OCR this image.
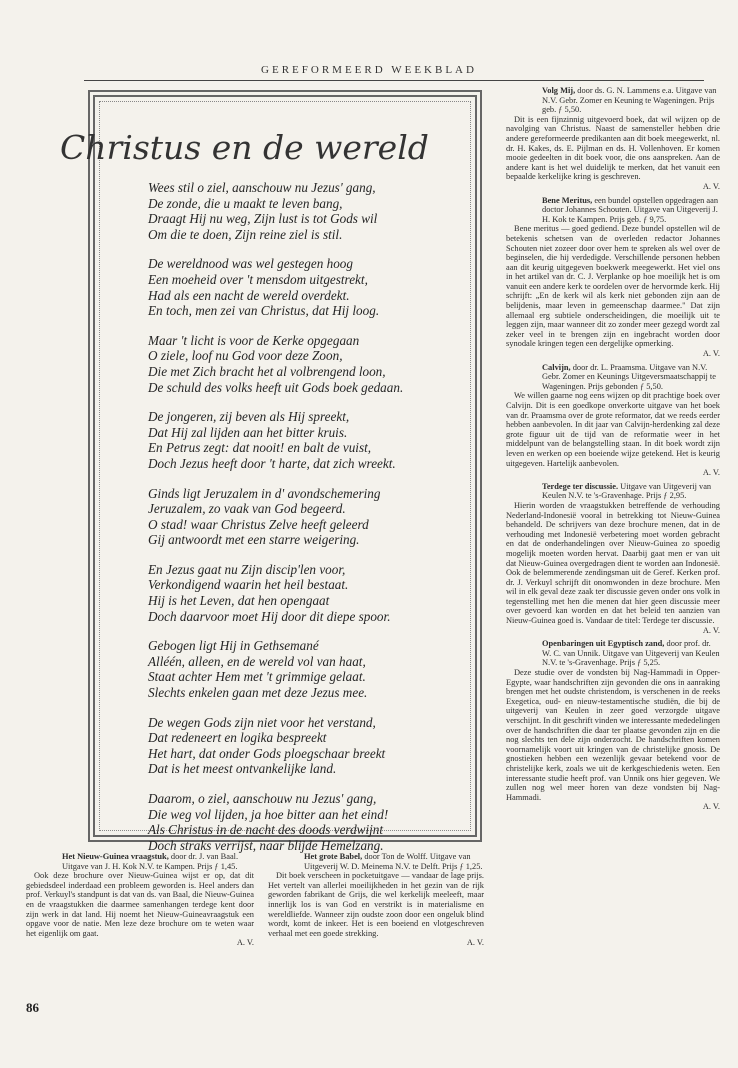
GEREFORMEERD WEEKBLAD
Christus en de wereld
Wees stil o ziel, aanschouw nu Jezus' gang,
De zonde, die u maakt te leven bang,
Draagt Hij nu weg, Zijn lust is tot Gods wil
Om die te doen, Zijn reine ziel is stil.
De wereldnood was wel gestegen hoog
Een moeheid over 't mensdom uitgestrekt,
Had als een nacht de wereld overdekt.
En toch, men zei van Christus, dat Hij loog.
Maar 't licht is voor de Kerke opgegaan
O ziele, loof nu God voor deze Zoon,
Die met Zich bracht het al volbrengend loon,
De schuld des volks heeft uit Gods boek gedaan.
De jongeren, zij beven als Hij spreekt,
Dat Hij zal lijden aan het bitter kruis.
En Petrus zegt: dat nooit! en balt de vuist,
Doch Jezus heeft door 't harte, dat zich wreekt.
Ginds ligt Jeruzalem in d' avondschemering
Jeruzalem, zo vaak van God begeerd.
O stad! waar Christus Zelve heeft geleerd
Gij antwoordt met een starre weigering.
En Jezus gaat nu Zijn discip'len voor,
Verkondigend waarin het heil bestaat.
Hij is het Leven, dat hen opengaat
Doch daarvoor moet Hij door dit diepe spoor.
Gebogen ligt Hij in Gethsemané
Alléén, alleen, en de wereld vol van haat,
Staat achter Hem met 't grimmige gelaat.
Slechts enkelen gaan met deze Jezus mee.
De wegen Gods zijn niet voor het verstand,
Dat redeneert en logika bespreekt
Het hart, dat onder Gods ploegschaar breekt
Dat is het meest ontvankelijke land.
Daarom, o ziel, aanschouw nu Jezus' gang,
Die weg vol lijden, ja hoe bitter aan het eind!
Als Christus in de nacht des doods verdwijnt
Doch straks verrijst, naar blijde Hemelzang.

Volg Mij, door ds. G. N. Lammens e.a. Uitgave van N.V. Gebr. Zomer en Keuning te Wageningen. Prijs geb. ƒ 5,50.

Dit is een fijnzinnig uitgevoerd boek, dat wil wijzen op de navolging van Christus. Naast de samensteller hebben drie andere gereformeerde predikanten aan dit boek meegewerkt, nl. dr. H. Kakes, ds. E. Pijlman en ds. H. Vollenhoven. Er komen mooie gedeelten in dit boek voor, die ons aanspreken. Aan de andere kant is het wel duidelijk te merken, dat het vanuit een bepaalde kerkelijke kring is geschreven.

A. V.

Bene Meritus, een bundel opstellen opgedragen aan doctor Johannes Schouten. Uitgave van Uitgeverij J. H. Kok te Kampen. Prijs geb. ƒ 9,75.

Bene meritus — goed gediend. Deze bundel opstellen wil de betekenis schetsen van de overleden redactor Johannes Schouten niet zozeer door over hem te spreken als wel over de beginselen, die hij verdedigde. Verschillende personen hebben aan dit keurig uitgegeven boekwerk meegewerkt. Het viel ons in het artikel van dr. C. J. Verplanke op hoe moeilijk het is om vanuit een andere kerk te oordelen over de hervormde kerk. Hij schrijft: „En de kerk wil als kerk niet gebonden zijn aan de belijdenis, maar leven in gemeenschap daarmee." Dat zijn allemaal erg subtiele onderscheidingen, die moeilijk uit te leggen zijn, maar wanneer dit zo zonder meer gezegd wordt zal zeker veel in te brengen zijn en ingebracht worden door synodale kringen tegen een dergelijke opmerking.

A. V.

Calvijn, door dr. L. Praamsma. Uitgave van N.V. Gebr. Zomer en Keunings Uitgeversmaatschappij te Wageningen. Prijs gebonden ƒ 5,50.

We willen gaarne nog eens wijzen op dit prachtige boek over Calvijn. Dit is een goedkope onverkorte uitgave van het boek van dr. Praamsma over de grote reformator, dat we reeds eerder hebben aanbevolen. In dit jaar van Calvijn-herdenking zal deze grote figuur uit de tijd van de reformatie weer in het middelpunt van de belangstelling staan. In dit boek wordt zijn leven en werken op een boeiende wijze getekend. Het is keurig uitgegeven. Hartelijk aanbevolen.

A. V.

Terdege ter discussie. Uitgave van Uitgeverij van Keulen N.V. te 's-Gravenhage. Prijs ƒ 2,95.

Hierin worden de vraagstukken betreffende de verhouding Nederland-Indonesië vooral in betrekking tot Nieuw-Guinea behandeld. De schrijvers van deze brochure menen, dat in de verhouding met Indonesië verbetering moet worden gebracht en dat de onderhandelingen over Nieuw-Guinea zo spoedig mogelijk moeten worden hervat. Daarbij gaat men er van uit dat Nieuw-Guinea overgedragen dient te worden aan Indonesië. Ook de belemmerende zendingsman uit de Geref. Kerken prof. dr. J. Verkuyl schrijft dit onomwonden in deze brochure. Men wil in elk geval deze zaak ter discussie geven onder ons volk in tegenstelling met hen die menen dat hier geen discussie meer over gevoerd kan worden en dat het beleid ten aanzien van Nieuw-Guinea goed is. Vandaar de titel: Terdege ter discussie.

A. V.

Openbaringen uit Egyptisch zand, door prof. dr. W. C. van Unnik. Uitgave van Uitgeverij van Keulen N.V. te 's-Gravenhage. Prijs ƒ 5,25.

Deze studie over de vondsten bij Nag-Hammadi in Opper-Egypte, waar handschriften zijn gevonden die ons in aanraking brengen met het oudste christendom, is verschenen in de reeks Exegetica, oud- en nieuw-testamentische studiën, die bij de uitgeverij van Keulen in zeer goed verzorgde uitgave verschijnt. In dit geschrift vinden we interessante mededelingen over de handschriften die daar ter plaatse gevonden zijn en die nog slechts ten dele zijn onderzocht. De handschriften komen voornamelijk voort uit kringen van de christelijke gnosis. De gnostieken hebben een wezenlijk gevaar betekend voor de christelijke kerk, zoals we uit de kerkgeschiedenis weten. Een interessante studie heeft prof. van Unnik ons hier gegeven. We zullen nog wel meer horen van deze vondsten bij Nag-Hammadi.

A. V.

Het Nieuw-Guinea vraagstuk, door dr. J. van Baal. Uitgave van J. H. Kok N.V. te Kampen. Prijs ƒ 1,45.

Ook deze brochure over Nieuw-Guinea wijst er op, dat dit gebiedsdeel inderdaad een probleem geworden is. Heel anders dan prof. Verkuyl's standpunt is dat van ds. van Baal, die Nieuw-Guinea en de vraagstukken die daarmee samenhangen terdege kent door zijn werk in dat land. Hij noemt het Nieuw-Guineavraagstuk een opgave voor de natie. Men leze deze brochure om te weten waar het eigenlijk om gaat.

A. V.

Het grote Babel, door Ton de Wolff. Uitgave van Uitgeverij W. D. Meinema N.V. te Delft. Prijs ƒ 1,25.

Dit boek verscheen in pocketuitgave — vandaar de lage prijs. Het vertelt van allerlei moeilijkheden in het gezin van de rijk geworden fabrikant de Grijs, die wel kerkelijk meeleeft, maar innerlijk los is van God en verstrikt is in materialisme en wereldliefde. Wanneer zijn oudste zoon door een ongeluk blind wordt, komt de inkeer. Het is een boeiend en vlotgeschreven verhaal met een goede strekking.

A. V.

86
